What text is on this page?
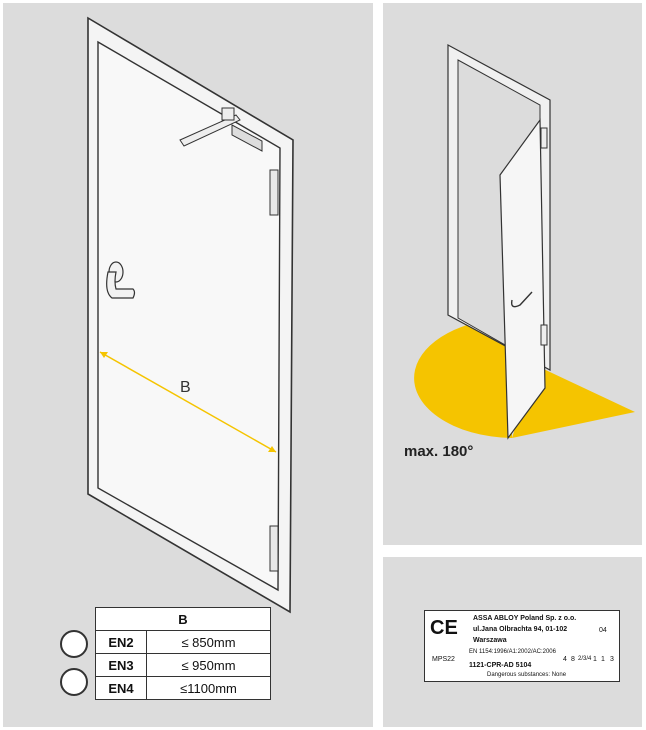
B
B	
EN2	≤ 850mm
EN3	≤ 950mm
EN4	≤1100mm
max. 180°
CE ASSA ABLOY Poland Sp. z o.o.
ul.Jana Olbrachta 94, 01-102
Warszawa
04
MPS22
EN 1154:1996/A1:2002/AC:2006
1121-CPR-AD 5104
4 8 2/3/4 1 1 3
Dangerous substances: None
